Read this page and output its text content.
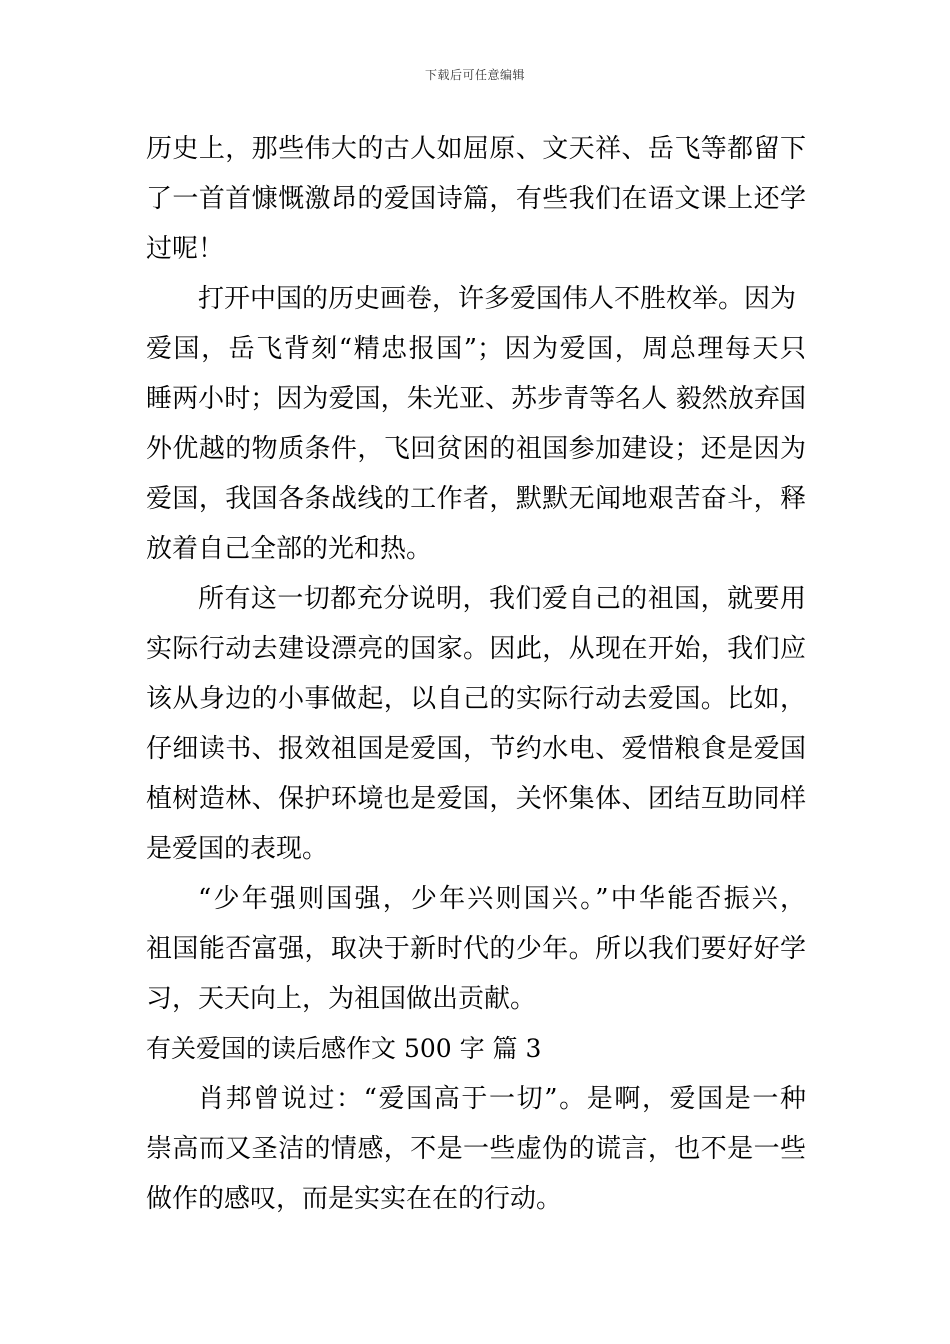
下载后可任意编辑
历史上，那些伟大的古人如屈原、文天祥、岳飞等都留下
了一首首慷慨激昂的爱国诗篇，有些我们在语文课上还学
过呢！
打开中国的历史画卷，许多爱国伟人不胜枚举。因为
爱国，岳飞背刻“精忠报国”；因为爱国，周总理每天只
睡两小时；因为爱国，朱光亚、苏步青等名人 毅然放弃国
外优越的物质条件，飞回贫困的祖国参加建设；还是因为
爱国，我国各条战线的工作者，默默无闻地艰苦奋斗，释
放着自己全部的光和热。
所有这一切都充分说明，我们爱自己的祖国，就要用
实际行动去建设漂亮的国家。因此，从现在开始，我们应
该从身边的小事做起，以自己的实际行动去爱国。比如，
仔细读书、报效祖国是爱国，节约水电、爱惜粮食是爱国
植树造林、保护环境也是爱国，关怀集体、团结互助同样
是爱国的表现。
“少年强则国强，少年兴则国兴。”中华能否振兴，
祖国能否富强，取决于新时代的少年。所以我们要好好学
习，天天向上，为祖国做出贡献。
有关爱国的读后感作文 500 字 篇 3
肖邦曾说过：“爱国高于一切”。是啊，爱国是一种
崇高而又圣洁的情感，不是一些虚伪的谎言，也不是一些
做作的感叹，而是实实在在的行动。
